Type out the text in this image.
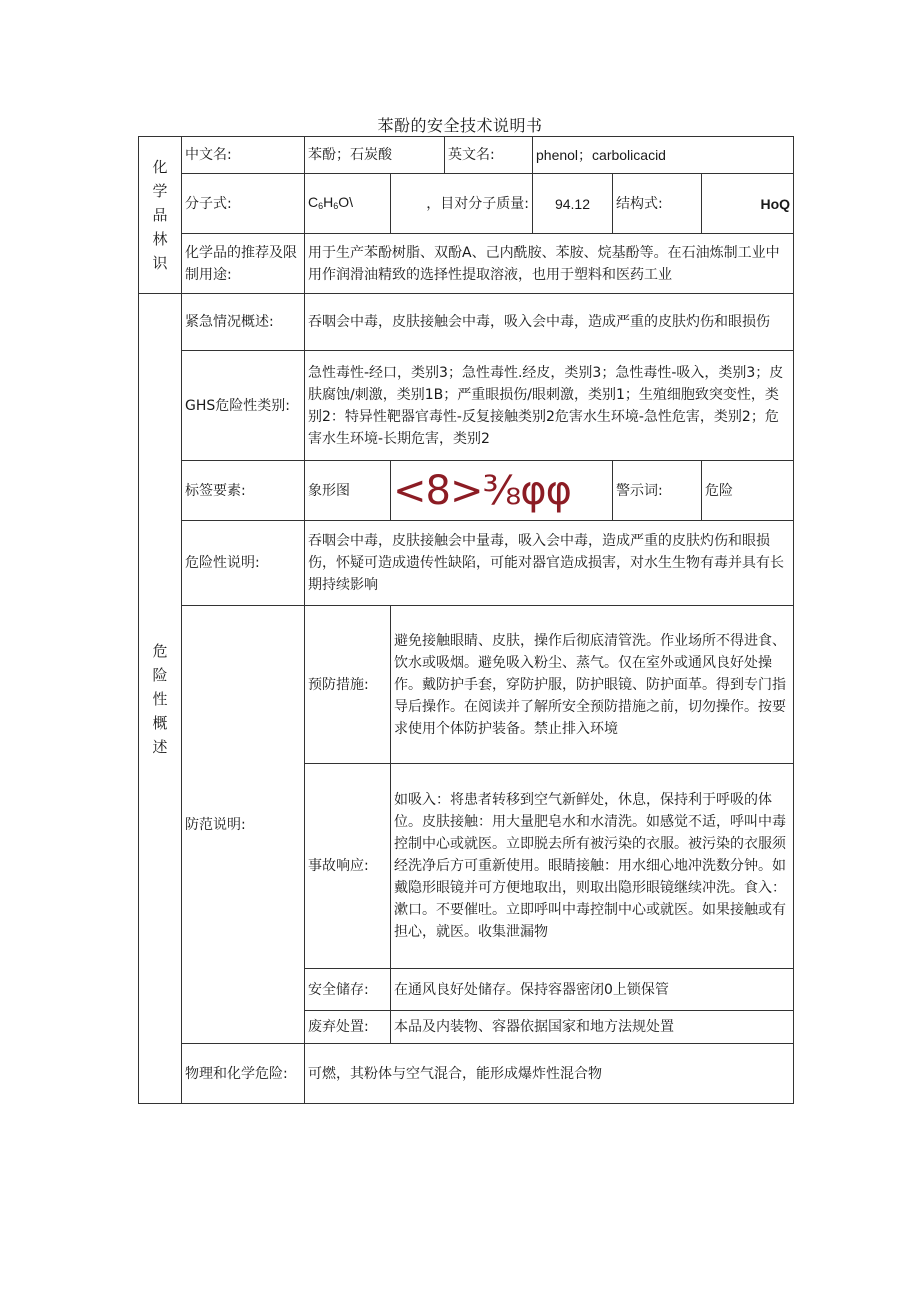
苯酚的安全技术说明书
化
学
品
林
识	中文名:	苯酚；石炭酸		英文名:	phenol；carbolicacid		
	分子式:	$C_6H_6O\backslash$	，目对分子质量:		94.12	结构式:	HoQ
	化学品的推荐及限制用途:	用于生产苯酚树脂、双酚A、己内酰胺、苯胺、烷基酚等。在石油炼制工业中用作润滑油精致的选择性提取溶液，也用于塑料和医药工业					

危
险
性
概
述	紧急情况概述:	吞咽会中毒，皮肤接触会中毒，吸入会中毒，造成严重的皮肤灼伤和眼损伤					
	GHS危险性类别:	急性毒性-经口，类别3；急性毒性.经皮，类别3；急性毒性-吸入，类别3；皮肤腐蚀/刺激，类别1B；严重眼损伤/眼刺激，类别1；生殖细胞致突变性，类别2：特异性靶器官毒性-反复接触类别2危害水生环境-急性危害，类别2；危害水生环境-长期危害，类别2					
	标签要素:	象形图	<8>⅜φφ			警示词:	危险
	危险性说明:	吞咽会中毒，皮肤接触会中量毒，吸入会中毒，造成严重的皮肤灼伤和眼损伤，怀疑可造成遗传性缺陷，可能对器官造成损害，对水生生物有毒并具有长期持续影响					
	防范说明:	预防措施:	避免接触眼睛、皮肤，操作后彻底清管洗。作业场所不得进食、饮水或吸烟。避免吸入粉尘、蒸气。仅在室外或通风良好处操作。戴防护手套，穿防护服，防护眼镜、防护面革。得到专门指导后操作。在阅读并了解所安全预防措施之前，切勿操作。按要求使用个体防护装备。禁止排入环境				
		事故响应:	如吸入：将患者转移到空气新鲜处，休息，保持利于呼吸的体位。皮肤接触：用大量肥皂水和水清洗。如感觉不适，呼叫中毒控制中心或就医。立即脱去所有被污染的衣服。被污染的衣服须经洗净后方可重新使用。眼睛接触：用水细心地冲洗数分钟。如戴隐形眼镜并可方便地取出，则取出隐形眼镜继续冲洗。食入：漱口。不要催吐。立即呼叫中毒控制中心或就医。如果接触或有担心，就医。收集泄漏物				
		安全储存:	在通风良好处储存。保持容器密闭0上锁保管				
		废弃处置:	本品及内装物、容器依据国家和地方法规处置				
	物理和化学危险:	可燃，其粉体与空气混合，能形成爆炸性混合物					
